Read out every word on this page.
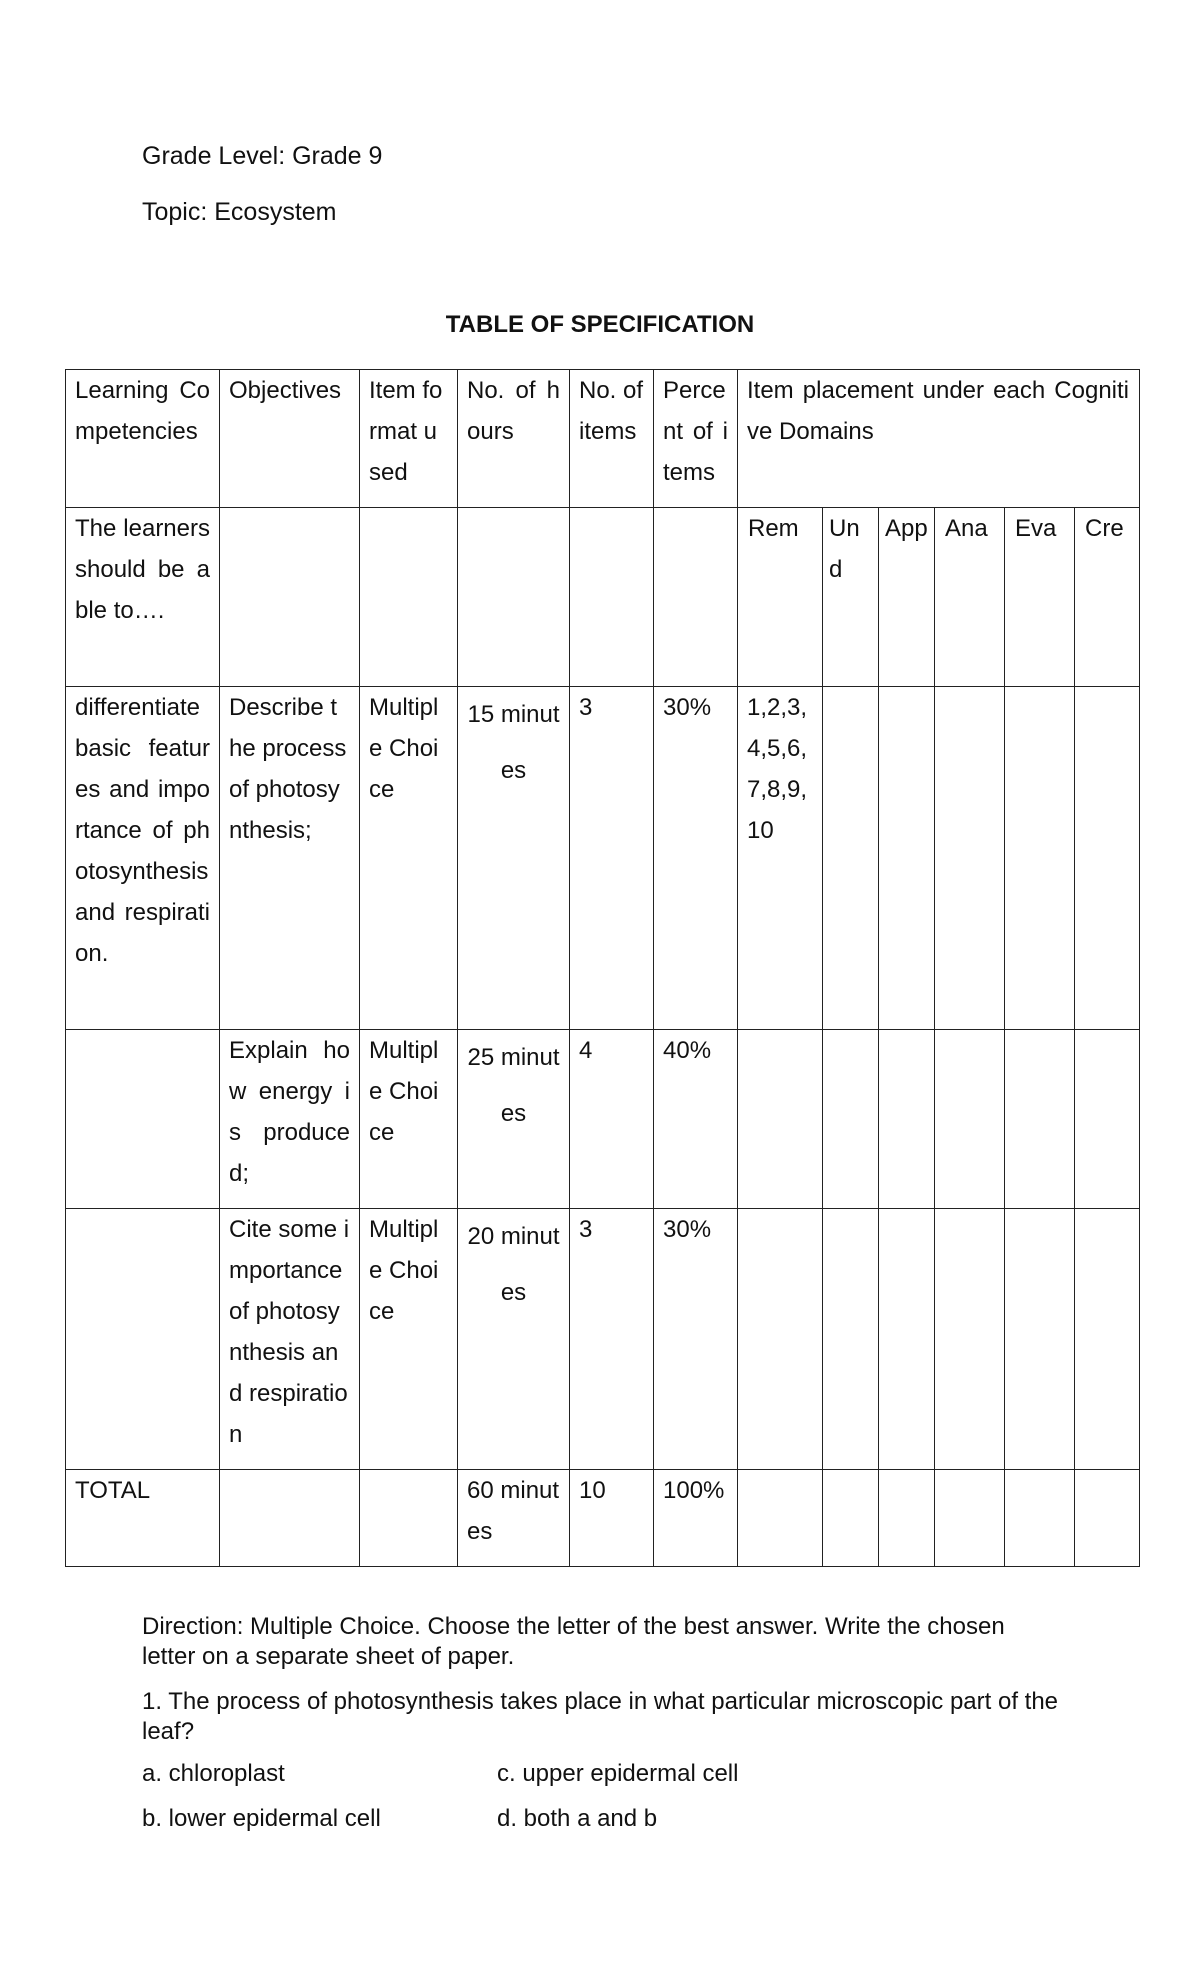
Grade Level: Grade 9

Topic: Ecosystem

TABLE OF SPECIFICATION

Learning Competencies	Objectives	Item format used	No. of hours	No. of items	Percent of items	Item placement under each Cognitive Domains					
The learners should be able to….						Rem	Und	App	Ana	Eva	Cre
differentiate basic features and importance of photosynthesis and respiration.	Describe the process of photosynthesis;	Multiple Choice	15 minutes	3	30%	1,2,3,4,5,6,7,8,9,10					
	Explain how energy is produced;	Multiple Choice	25 minutes	4	40%						
	Cite some importance of photosynthesis and respiration	Multiple Choice	20 minutes	3	30%						
TOTAL			60 minutes	10	100%						

Direction: Multiple Choice. Choose the letter of the best answer. Write the chosen letter on a separate sheet of paper.

1. The process of photosynthesis takes place in what particular microscopic part of the leaf?

a. chloroplast	c. upper epidermal cell

b. lower epidermal cell	d. both a and b
